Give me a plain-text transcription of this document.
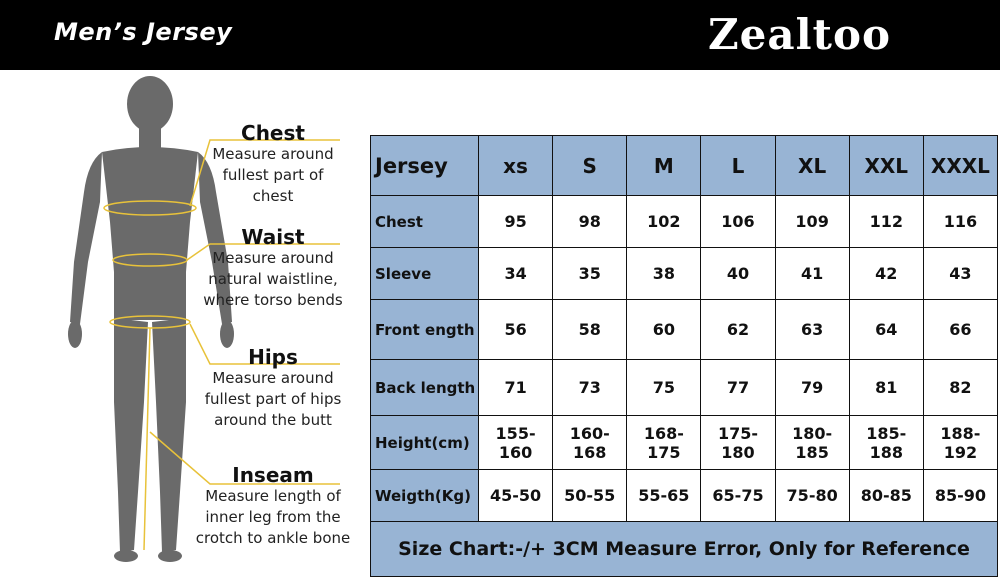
Men’s Jersey	Zealtoo
Chest
Measure around
fullest part of
chest
Waist
Measure around
natural waistline,
where torso bends
Hips
Measure around
fullest part of hips
around the butt
Inseam
Measure length of
inner leg from the
crotch to ankle bone
Jersey	xs	S	M	L	XL	XXL	XXXL
Chest	95	98	102	106	109	112	116
Sleeve	34	35	38	40	41	42	43
Front ength	56	58	60	62	63	64	66
Back length	71	73	75	77	79	81	82
Height(cm)	155-160	160-168	168-175	175-180	180-185	185-188	188-192
Weigth(Kg)	45-50	50-55	55-65	65-75	75-80	80-85	85-90
Size Chart:-/+ 3CM Measure Error, Only for Reference							
